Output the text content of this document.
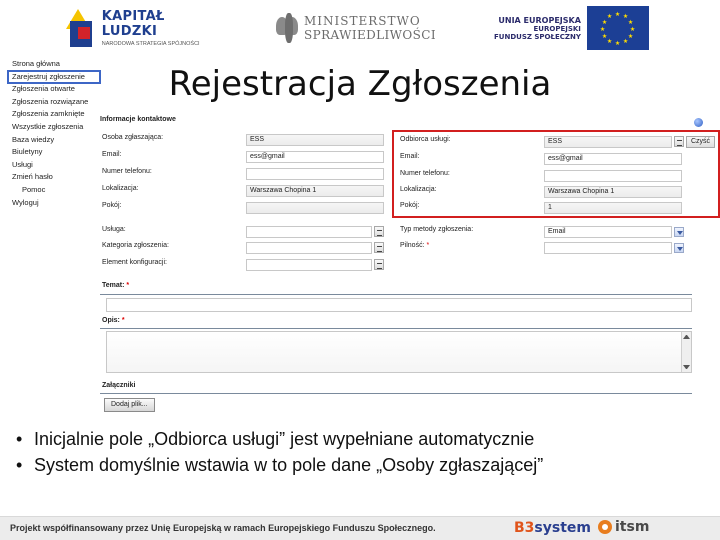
KAPITAŁ LUDZKI
NARODOWA STRATEGIA SPÓJNOŚCI
MINISTERSTWO
SPRAWIEDLIWOŚCI
UNIA EUROPEJSKA
EUROPEJSKI
FUNDUSZ SPOŁECZNY
★ ★
★
★
★
★
★
★
★
★
★
★
Rejestracja Zgłoszenia
Strona główna
Zarejestruj zgłoszenie
Zgłoszenia otwarte
Zgłoszenia rozwiązane
Zgłoszenia zamknięte
Wszystkie zgłoszenia
Baza wiedzy
Biuletyny
Usługi
Zmień hasło
Pomoc
Wyloguj
Informacje kontaktowe
Osoba zgłaszająca:	ESS
Email:	ess@gmail
Numer telefonu:
Lokalizacja:	Warszawa Chopina 1
Pokój:
Odbiorca usługi:	ESS	Czyść
Email:	ess@gmail
Numer telefonu:
Lokalizacja:	Warszawa Chopina 1
Pokój:	1
Usługa:
Kategoria zgłoszenia:
Element konfiguracji:
Typ metody zgłoszenia:	Email
Pilność: *
Temat: *
Opis: *
Załączniki
Dodaj plik...
• Inicjalnie pole „Odbiorca usługi” jest wypełniane automatycznie
• System domyślnie wstawia w to pole dane „Osoby zgłaszającej”
Projekt współfinansowany przez Unię Europejską w ramach Europejskiego Funduszu Społecznego.	B3system itsm
